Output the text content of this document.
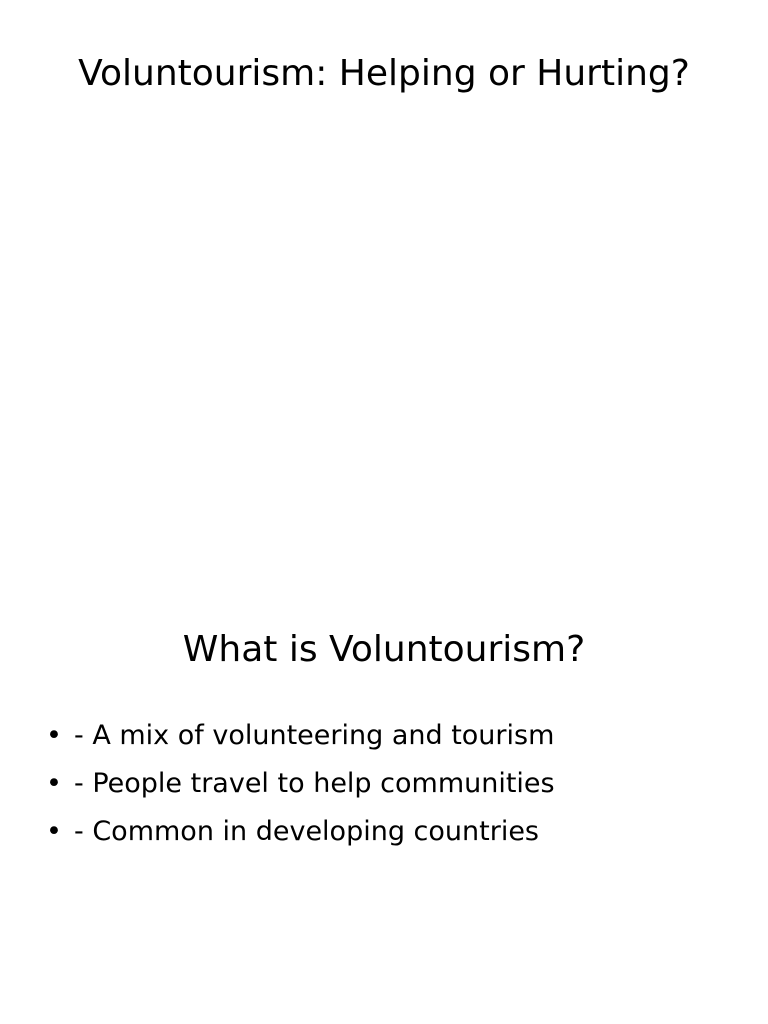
Voluntourism: Helping or Hurting?
What is Voluntourism?
• - A mix of volunteering and tourism
• - People travel to help communities
• - Common in developing countries
